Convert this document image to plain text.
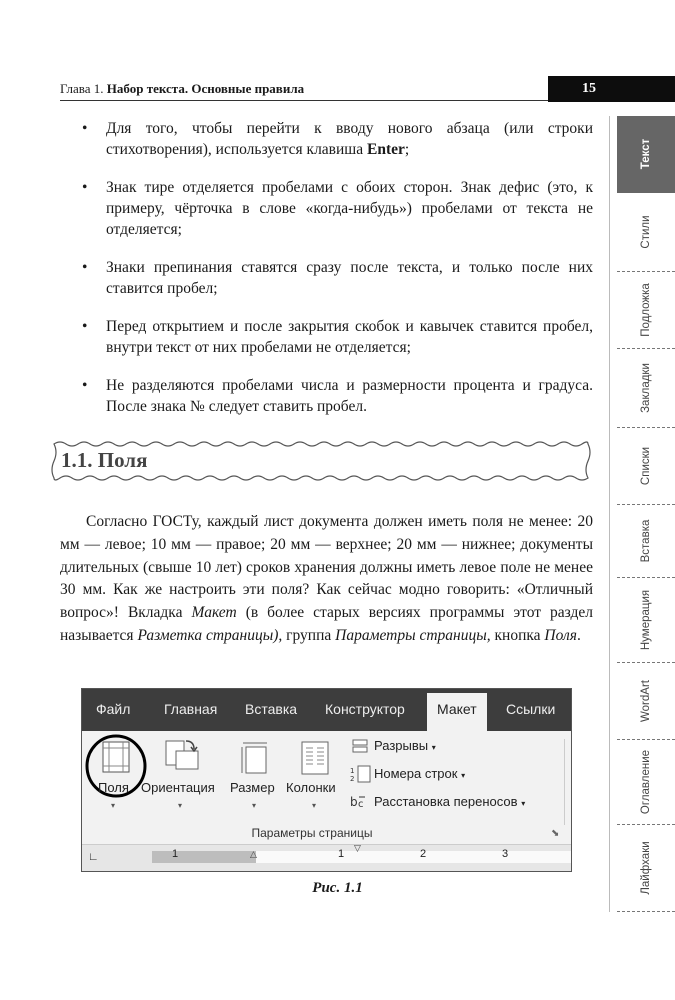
Глава 1. Набор текста. Основные правила	15
Текст
Стили
Подложка
Закладки
Списки
Вставка
Нумерация
WordArt
Оглавление
Лайфхаки
• Для того, чтобы перейти к вводу нового абзаца (или строки стихотворения), используется клавиша Enter;
• Знак тире отделяется пробелами с обоих сторон. Знак дефис (это, к примеру, чёрточка в слове «когда-нибудь») пробелами от текста не отделяется;
• Знаки препинания ставятся сразу после текста, и только после них ставится пробел;
• Перед открытием и после закрытия скобок и кавычек ставится пробел, внутри текст от них пробелами не отделяется;
• Не разделяются пробелами числа и размерности процента и градуса. После знака № следует ставить пробел.
1.1. Поля
Согласно ГОСТу, каждый лист документа должен иметь поля не менее: 20 мм — левое; 10 мм — правое; 20 мм — верхнее; 20 мм — нижнее; документы длительных (свыше 10 лет) сроков хранения должны иметь левое поле не менее 30 мм. Как же настроить эти поля? Как сейчас модно говорить: «Отличный вопрос»! Вкладка Макет (в более старых версиях программы этот раздел называется Разметка страницы), группа Параметры страницы, кнопка Поля.
Файл Главная Вставка Конструктор	Макет	Ссылки
Поля
▾
Ориентация
▾
Размер
▾
Колонки
▾
Разрывы ▾
1
2 Номера строк ▾
b c Расстановка переносов ▾
Параметры страницы	⬊
∟	1	1	2	3
△
▽
Рис. 1.1
